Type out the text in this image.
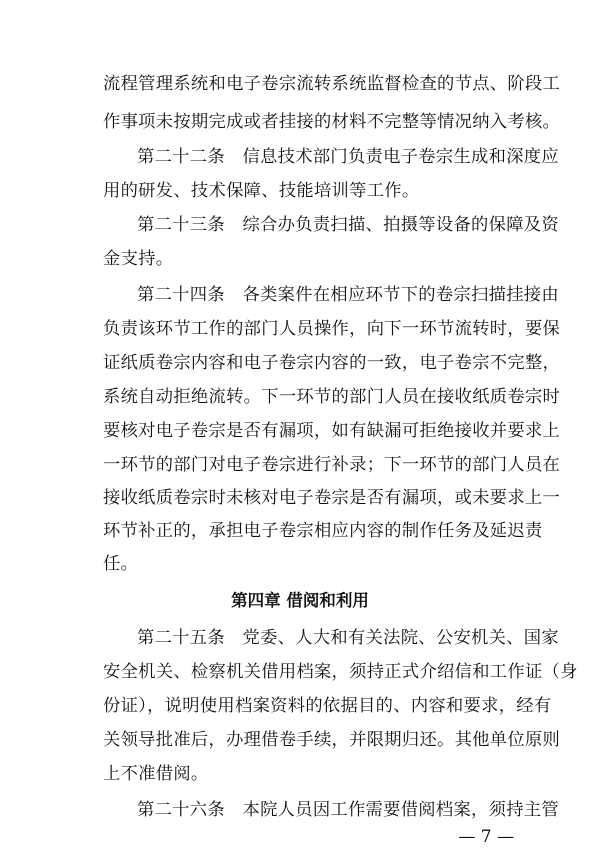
流程管理系统和电子卷宗流转系统监督检查的节点、阶段工
作事项未按期完成或者挂接的材料不完整等情况纳入考核。
第二十二条　信息技术部门负责电子卷宗生成和深度应
用的研发、技术保障、技能培训等工作。
第二十三条　综合办负责扫描、拍摄等设备的保障及资
金支持。
第二十四条　各类案件在相应环节下的卷宗扫描挂接由
负责该环节工作的部门人员操作，向下一环节流转时，要保
证纸质卷宗内容和电子卷宗内容的一致，电子卷宗不完整，
系统自动拒绝流转。下一环节的部门人员在接收纸质卷宗时
要核对电子卷宗是否有漏项，如有缺漏可拒绝接收并要求上
一环节的部门对电子卷宗进行补录；下一环节的部门人员在
接收纸质卷宗时未核对电子卷宗是否有漏项，或未要求上一
环节补正的，承担电子卷宗相应内容的制作任务及延迟责
任。
第四章 借阅和利用
第二十五条　党委、人大和有关法院、公安机关、国家
安全机关、检察机关借用档案，须持正式介绍信和工作证（身
份证），说明使用档案资料的依据目的、内容和要求，经有
关领导批准后，办理借卷手续，并限期归还。其他单位原则
上不准借阅。
第二十六条　本院人员因工作需要借阅档案，须持主管
— 7 —
